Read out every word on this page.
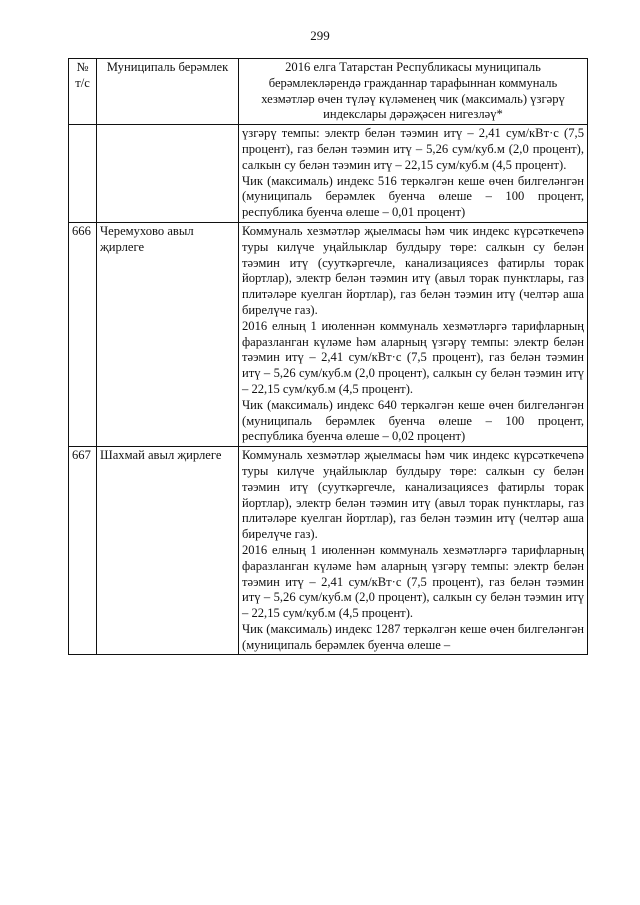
299
№ т/с	Муниципаль берәмлек	2016 елга Татарстан Республикасы муниципаль берәмлекләрендә гражданнар тарафыннан коммуналь хезмәтләр өчен түләү күләменең чик (максималь) үзгәрү индекслары дәрәҗәсен нигезләү*

		үзгәрү темпы: электр белән тәэмин итү – 2,41 сум/кВт·с (7,5 процент), газ белән тәэмин итү – 5,26 сум/куб.м (2,0 процент), салкын су белән тәэмин итү – 22,15 сум/куб.м (4,5 процент).
Чик (максималь) индекс 516 теркәлгән кеше өчен билгеләнгән (муниципаль берәмлек буенча өлеше – 100 процент, республика буенча өлеше – 0,01 процент)

666	Черемухово авыл җирлеге	Коммуналь хезмәтләр җыелмасы һәм чик индекс күрсәткечenә туры килүче уңайлыклар булдыру төре: салкын су белән тәэмин итү (сууткәргечле, канализациясез фатирлы торак йортлар), электр белән тәэмин итү (авыл торак пунктлары, газ плитәләре куелган йортлар), газ белән тәэмин итү (челтәр аша бирелүче газ).
2016 елның 1 июленнән коммуналь хезмәтләргә тарифларның фаразланган күләме һәм аларның үзгәрү темпы: электр белән тәэмин итү – 2,41 сум/кВт·с (7,5 процент), газ белән тәэмин итү – 5,26 сум/куб.м (2,0 процент), салкын су белән тәэмин итү – 22,15 сум/куб.м (4,5 процент).
Чик (максималь) индекс 640 теркәлгән кеше өчен билгеләнгән (муниципаль берәмлек буенча өлеше – 100 процент, республика буенча өлеше – 0,02 процент)

667	Шахмай авыл җирлеге	Коммуналь хезмәтләр җыелмасы һәм чик индекс күрсәткечenә туры килүче уңайлыклар булдыру төре: салкын су белән тәэмин итү (сууткәргечле, канализациясез фатирлы торак йортлар), электр белән тәэмин итү (авыл торак пунктлары, газ плитәләре куелган йортлар), газ белән тәэмин итү (челтәр аша бирелүче газ).
2016 елның 1 июленнән коммуналь хезмәтләргә тарифларның фаразланган күләме һәм аларның үзгәрү темпы: электр белән тәэмин итү – 2,41 сум/кВт·с (7,5 процент), газ белән тәэмин итү – 5,26 сум/куб.м (2,0 процент), салкын су белән тәэмин итү – 22,15 сум/куб.м (4,5 процент).
Чик (максималь) индекс 1287 теркәлгән кеше өчен билгеләнгән (муниципаль берәмлек буенча өлеше –
